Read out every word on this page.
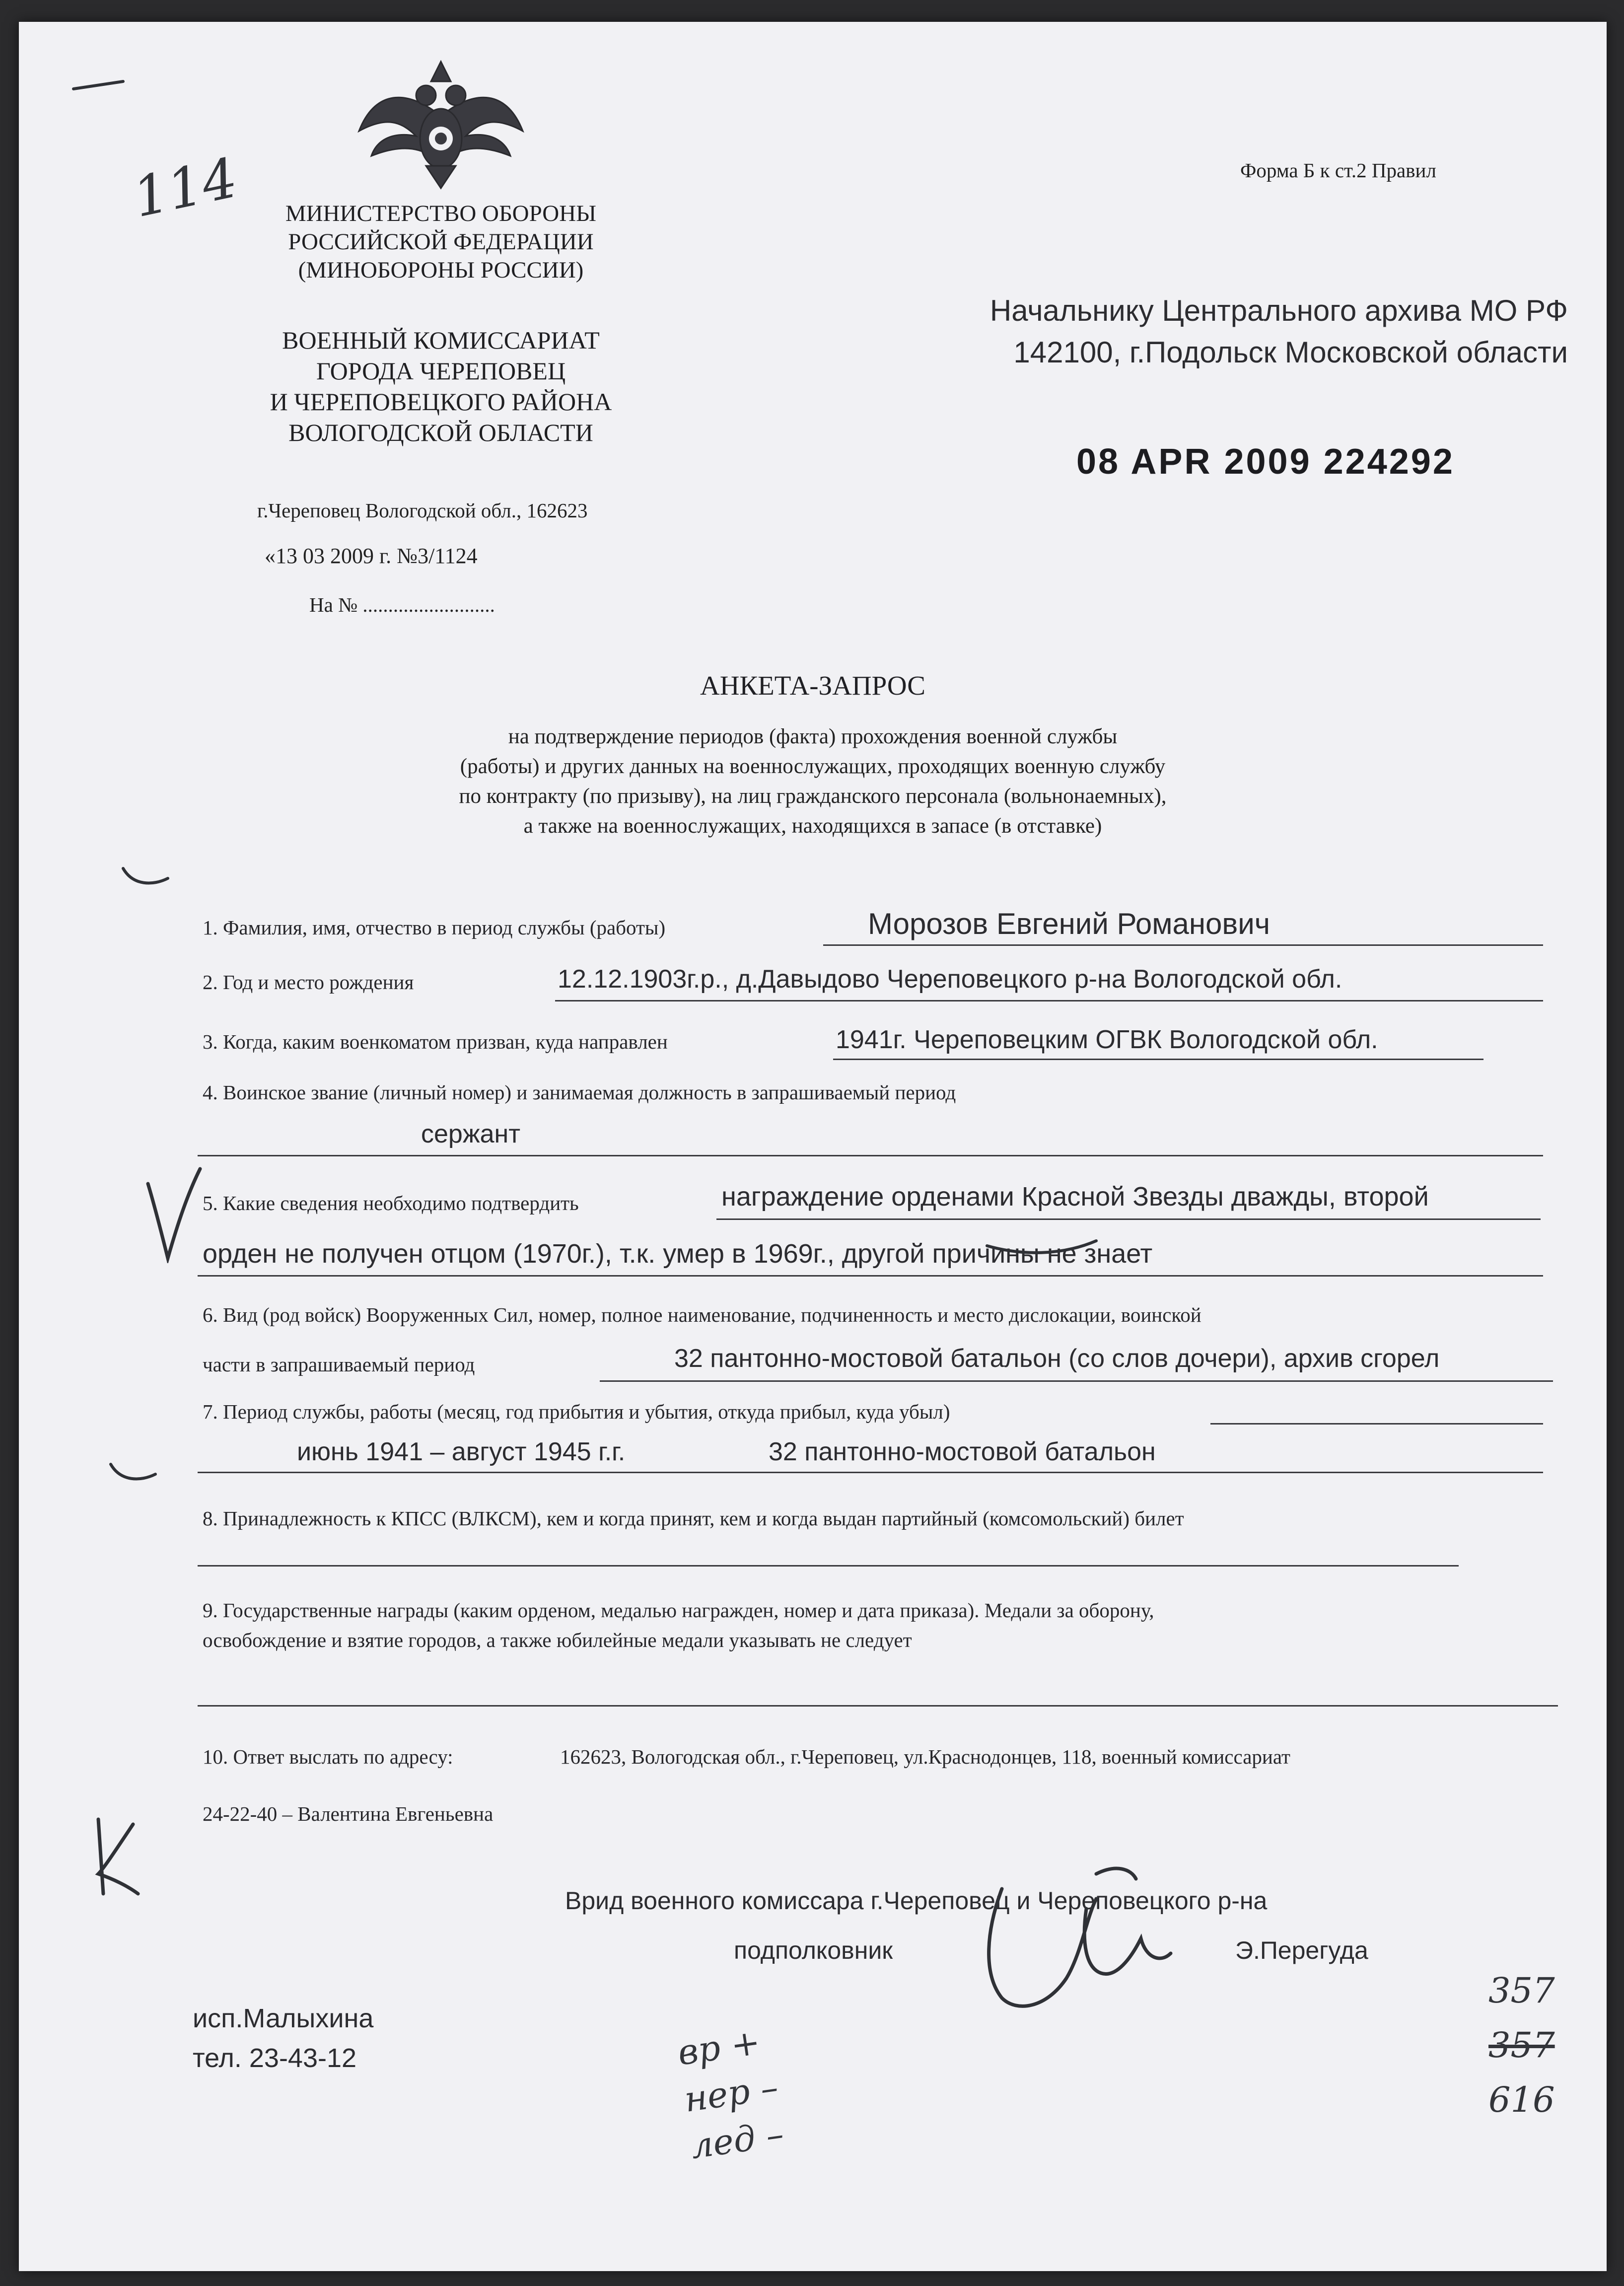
МИНИСТЕРСТВО ОБОРОНЫ
РОССИЙСКОЙ ФЕДЕРАЦИИ
(МИНОБОРОНЫ РОССИИ)
ВОЕННЫЙ КОМИССАРИАТ
ГОРОДА ЧЕРЕПОВЕЦ
И ЧЕРЕПОВЕЦКОГО РАЙОНА
ВОЛОГОДСКОЙ ОБЛАСТИ
г.Череповец Вологодской обл., 162623
«13 03 2009 г. №3/1124
На № ..........................
Форма Б к ст.2 Правил
Начальнику Центрального архива МО РФ
142100, г.Подольск Московской области
08 APR 2009 224292
АНКЕТА-ЗАПРОС
на подтверждение периодов (факта) прохождения военной службы
(работы) и других данных на военнослужащих, проходящих военную службу
по контракту (по призыву), на лиц гражданского персонала (вольнонаемных),
а также на военнослужащих, находящихся в запасе (в отставке)
1. Фамилия, имя, отчество в период службы (работы)	Морозов Евгений Романович
2. Год и место рождения	12.12.1903г.р., д.Давыдово Череповецкого р-на Вологодской обл.
3. Когда, каким военкоматом призван, куда направлен	1941г. Череповецким ОГВК Вологодской обл.
4. Воинское звание (личный номер) и занимаемая должность в запрашиваемый период
сержант
5. Какие сведения необходимо подтвердить	награждение орденами Красной Звезды дважды, второй
орден не получен отцом (1970г.), т.к. умер в 1969г., другой причины не знает
6. Вид (род войск) Вооруженных Сил, номер, полное наименование, подчиненность и место дислокации, воинской
части в запрашиваемый период	32 пантонно-мостовой батальон (со слов дочери), архив сгорел
7. Период службы, работы (месяц, год прибытия и убытия, откуда прибыл, куда убыл)
июнь 1941 – август 1945 г.г.	32 пантонно-мостовой батальон
8. Принадлежность к КПСС (ВЛКСМ), кем и когда принят, кем и когда выдан партийный (комсомольский) билет
9. Государственные награды (каким орденом, медалью награжден, номер и дата приказа). Медали за оборону,
освобождение и взятие городов, а также юбилейные медали указывать не следует
10. Ответ выслать по адресу:	162623, Вологодская обл., г.Череповец, ул.Краснодонцев, 118, военный комиссариат
24-22-40 – Валентина Евгеньевна
Врид военного комиссара г.Череповец и Череповецкого р-на
подполковник	Э.Перегуда
исп.Малыхина
тел. 23-43-12
114
вр +
нер –
лед –
357
357
616
